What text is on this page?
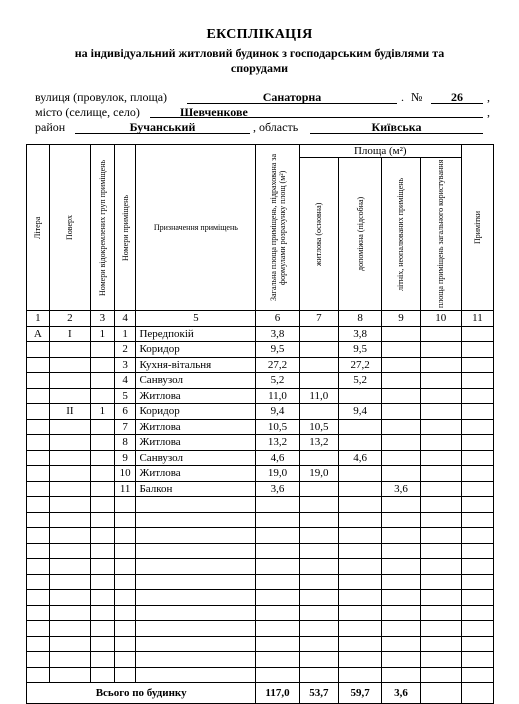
ЕКСПЛІКАЦІЯ
на індивідуальний житловий будинок з господарським будівлями та
спорудами
вулиця (провулок, площа)	Санаторна	. №	26	,
місто (селище, село)	Шевченкове	,
район	Бучанський	, область	Київська
Літера	Поверх	Номери відокремлених груп приміщень	Номери приміщень	Призначення приміщень	Загальна площа приміщень, підрахована за формулами розрахунку площ (м²)	Площа (м²)				Примітки

						житлова (основна)	допоміжна (підсобна)	літніх, неопалюваних приміщень	площа приміщень загального користування	

1	2	3	4	5	6	7	8	9	10	11
А	І	1	1	Передпокій	3,8		3,8			
			2	Коридор	9,5		9,5			
			3	Кухня-вітальня	27,2		27,2			
			4	Санвузол	5,2		5,2			
			5	Житлова	11,0	11,0				
	ІІ	1	6	Коридор	9,4		9,4			
			7	Житлова	10,5	10,5				
			8	Житлова	13,2	13,2				
			9	Санвузол	4,6		4,6			
			10	Житлова	19,0	19,0				
			11	Балкон	3,6			3,6		

Всього по будинку					117,0	53,7	59,7	3,6		
